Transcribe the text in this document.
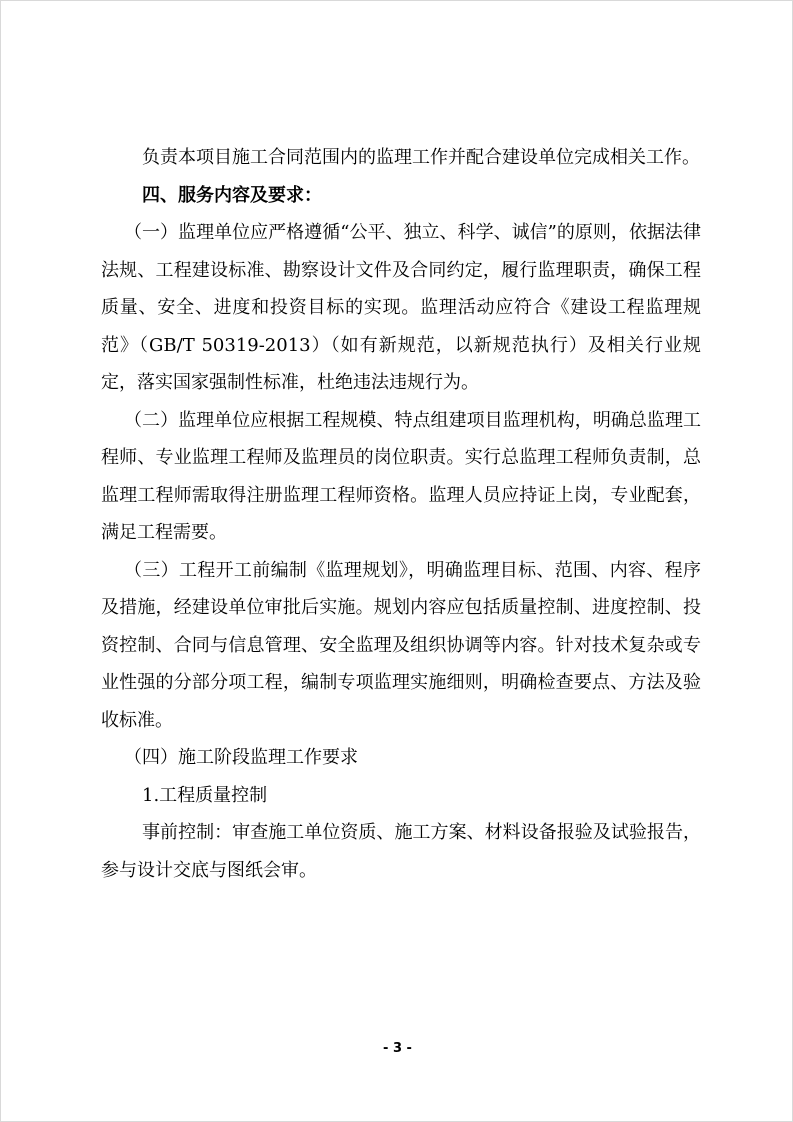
负责本项目施工合同范围内的监理工作并配合建设单位完成相关工作。

四、服务内容及要求：

（一）监理单位应严格遵循“公平、独立、科学、诚信”的原则，依据法律法规、工程建设标准、勘察设计文件及合同约定，履行监理职责，确保工程质量、安全、进度和投资目标的实现。监理活动应符合《建设工程监理规范》（GB/T 50319-2013）（如有新规范，以新规范执行）及相关行业规定，落实国家强制性标准，杜绝违法违规行为。

（二）监理单位应根据工程规模、特点组建项目监理机构，明确总监理工程师、专业监理工程师及监理员的岗位职责。实行总监理工程师负责制，总监理工程师需取得注册监理工程师资格。监理人员应持证上岗，专业配套，满足工程需要。

（三）工程开工前编制《监理规划》，明确监理目标、范围、内容、程序及措施，经建设单位审批后实施。规划内容应包括质量控制、进度控制、投资控制、合同与信息管理、安全监理及组织协调等内容。针对技术复杂或专业性强的分部分项工程，编制专项监理实施细则，明确检查要点、方法及验收标准。

（四）施工阶段监理工作要求

1.工程质量控制

事前控制：审查施工单位资质、施工方案、材料设备报验及试验报告，参与设计交底与图纸会审。

- 3 -
